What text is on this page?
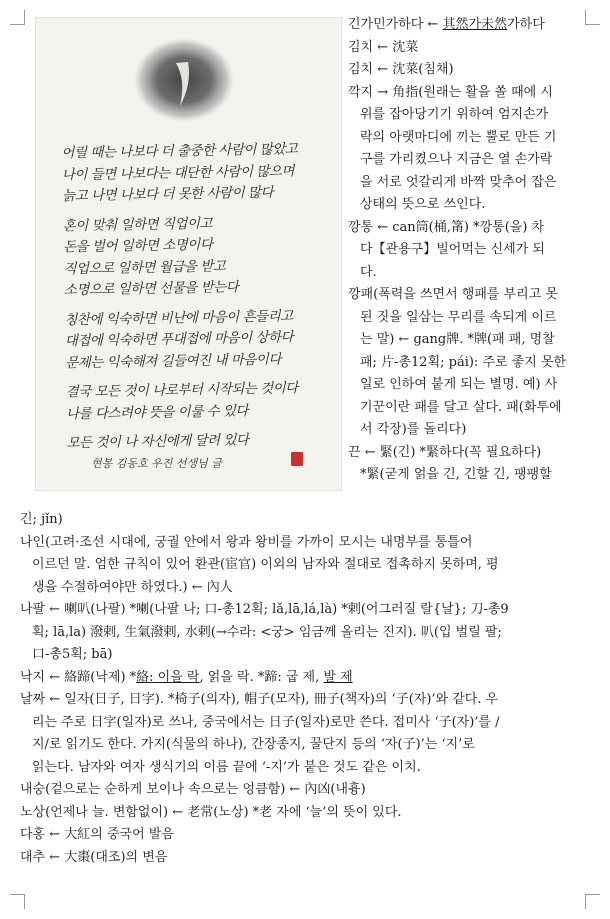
어릴 때는 나보다 더 출중한 사람이 많았고
나이 들면 나보다는 대단한 사람이 많으며
늙고 나면 나보다 더 못한 사람이 많다
혼이 맞춰 일하면 직업이고
돈을 벌어 일하면 소명이다
직업으로 일하면 월급을 받고
소명으로 일하면 선물을 받는다
칭찬에 익숙하면 비난에 마음이 흔들리고
대접에 익숙하면 푸대접에 마음이 상하다
문제는 익숙해져 길들여진 내 마음이다
결국 모든 것이 나로부터 시작되는 것이다
나를 다스려야 뜻을 이룰 수 있다
모든 것이 나 자신에게 달려 있다
현봉 김동호 우진 선생님 글
긴가민가하다 ← 其然가未然가하다
김치 ← 沈菜
김치 ← 沈菜(침채)
깍지 → 角指(원래는 활을 쏠 때에 시
위를 잡아당기기 위하여 엄지손가
락의 아랫마디에 끼는 뿔로 만든 기
구를 가리켰으나 지금은 열 손가락
을 서로 엇갈리게 바짝 맞추어 잡은
상태의 뜻으로 쓰인다.
깡통 ← can筒(桶,筩) *깡통(을) 차
다【관용구】빌어먹는 신세가 되
다.
깡패(폭력을 쓰면서 행패를 부리고 못
된 짓을 일삼는 무리를 속되게 이르
는 말) ← gang牌. *牌(패 패, 명찰
패; 片-총12획; pái): 주로 좋지 못한
일로 인하여 붙게 되는 별명. 예) 사
기꾼이란 패를 달고 살다. 패(화투에
서 각장)를 돌리다)
끈 ← 緊(긴) *緊하다(꼭 필요하다)
*緊(굳게 얽을 긴, 긴할 긴, 팽팽할
긴; jǐn)
나인(고려·조선 시대에, 궁궐 안에서 왕과 왕비를 가까이 모시는 내명부를 통틀어
이르던 말. 엄한 규칙이 있어 환관(宦官) 이외의 남자와 절대로 접촉하지 못하며, 평
생을 수절하여야만 하였다.) ← 內人
나팔 ← 喇叭(나팔) *喇(나팔 나; 口-총12획; lǎ,lā,lá,là) *剌(어그러질 랄{날}; 刀-총9
획; lā,la) 潑剌, 生氣潑剌, 水剌(→수라: <궁> 임금께 올리는 진지). 叭(입 벌릴 팔;
口-총5획; bā)
낙지 ← 絡蹄(낙제) *絡: 이을 락, 얽을 락. *蹄: 굽 제, 발 제
날짜 ← 일자(日子, 日字). *椅子(의자), 帽子(모자), 冊子(책자)의 ‘子(자)’와 같다. 우
리는 주로 日字(일자)로 쓰나, 중국에서는 日子(일자)로만 쓴다. 접미사 ‘子(자)’를 /
지/로 읽기도 한다. 가지(식물의 하나), 간장종지, 꿀단지 등의 ‘자(子)’는 ‘지’로
읽는다. 남자와 여자 생식기의 이름 끝에 ‘-지’가 붙은 것도 같은 이치.
내숭(겉으로는 순하게 보이나 속으로는 엉큼함) ← 內凶(내흉)
노상(언제나 늘. 변함없이) ← 老常(노상) *老 자에 ‘늘’의 뜻이 있다.
다홍 ← 大紅의 중국어 발음
대추 ← 大棗(대조)의 변음
